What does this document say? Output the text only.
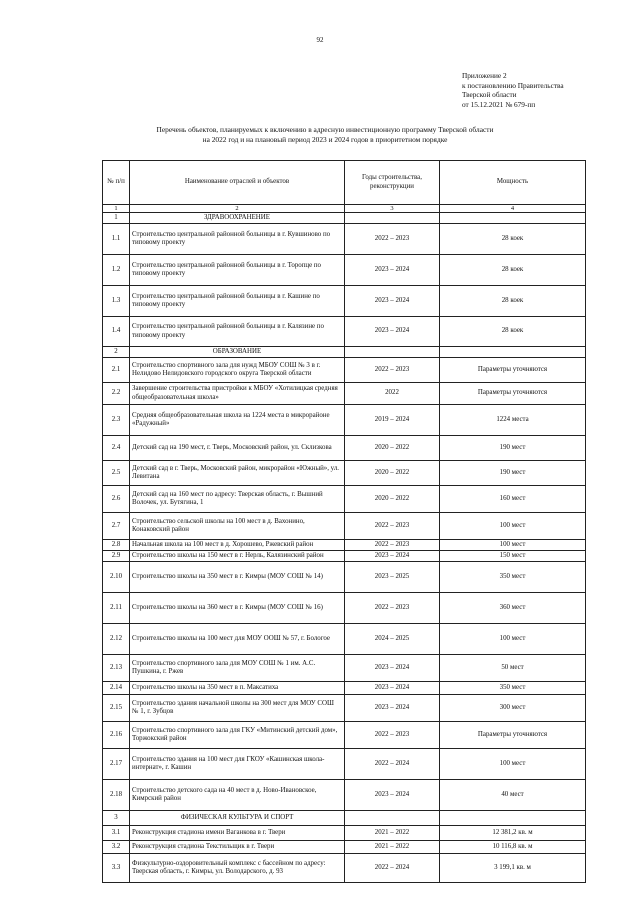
92
Приложение 2
к постановлению Правительства
Тверской области
от 15.12.2021 № 679-пп
Перечень объектов, планируемых к включению в адресную инвестиционную программу Тверской области
на 2022 год и на плановый период 2023 и 2024 годов в приоритетном порядке
№ п/п	Наименование отраслей и объектов	Годы строительства, реконструкции	Мощность
1	2	3	4
1	ЗДРАВООХРАНЕНИЕ		
1.1	Строительство центральной районной больницы в г. Кувшиново по типовому проекту	2022 – 2023	28 коек
1.2	Строительство центральной районной больницы в г. Торопце по типовому проекту	2023 – 2024	28 коек
1.3	Строительство центральной районной больницы в г. Кашине по типовому проекту	2023 – 2024	28 коек
1.4	Строительство центральной районной больницы в г. Калязине по типовому проекту	2023 – 2024	28 коек
2	ОБРАЗОВАНИЕ		
2.1	Строительство спортивного зала для нужд МБОУ СОШ № 3 в г. Нелидово Нелидовского городского округа Тверской области	2022 – 2023	Параметры уточняются
2.2	Завершение строительства пристройки к МБОУ «Хотилицкая средняя общеобразовательная школа»	2022	Параметры уточняются
2.3	Средняя общеобразовательная школа на 1224 места в микрорайоне «Радужный»	2019 – 2024	1224 места
2.4	Детский сад на 190 мест, г. Тверь, Московский район, ул. Склизкова	2020 – 2022	190 мест
2.5	Детский сад в г. Тверь, Московский район, микрорайон «Южный», ул. Левитана	2020 – 2022	190 мест
2.6	Детский сад на 160 мест по адресу: Тверская область, г. Вышний Волочек, ул. Бутягина, 1	2020 – 2022	160 мест
2.7	Строительство сельской школы на 100 мест в д. Вахонино, Конаковский район	2022 – 2023	100 мест
2.8	Начальная школа на 100 мест в д. Хорошево, Ржевский район	2022 – 2023	100 мест
2.9	Строительство школы на 150 мест в г. Нерль, Калязинский район	2023 – 2024	150 мест
2.10	Строительство школы на 350 мест в г. Кимры (МОУ СОШ № 14)	2023 – 2025	350 мест
2.11	Строительство школы на 360 мест в г. Кимры (МОУ СОШ № 16)	2022 – 2023	360 мест
2.12	Строительство школы на 100 мест для МОУ ООШ № 57, г. Бологое	2024 – 2025	100 мест
2.13	Строительство спортивного зала для МОУ СОШ № 1 им. А.С. Пушкина, г. Ржев	2023 – 2024	50 мест
2.14	Строительство школы на 350 мест в п. Максатиха	2023 – 2024	350 мест
2.15	Строительство здания начальной школы на 300 мест для МОУ СОШ № 1, г. Зубцов	2023 – 2024	300 мест
2.16	Строительство спортивного зала для ГКУ «Митинский детский дом», Торжокский район	2022 – 2023	Параметры уточняются
2.17	Строительство здания на 100 мест для ГКОУ «Кашинская школа-интернат», г. Кашин	2022 – 2024	100 мест
2.18	Строительство детского сада на 40 мест в д. Ново-Ивановское, Кимрский район	2023 – 2024	40 мест
3	ФИЗИЧЕСКАЯ КУЛЬТУРА И СПОРТ		
3.1	Реконструкция стадиона имени Ваганкова в г. Твери	2021 – 2022	12 381,2 кв. м
3.2	Реконструкция стадиона Текстильщик в г. Твери	2021 – 2022	10 116,8 кв. м
3.3	Физкультурно-оздоровительный комплекс с бассейном по адресу: Тверская область, г. Кимры, ул. Володарского, д. 93	2022 – 2024	3 199,1 кв. м
